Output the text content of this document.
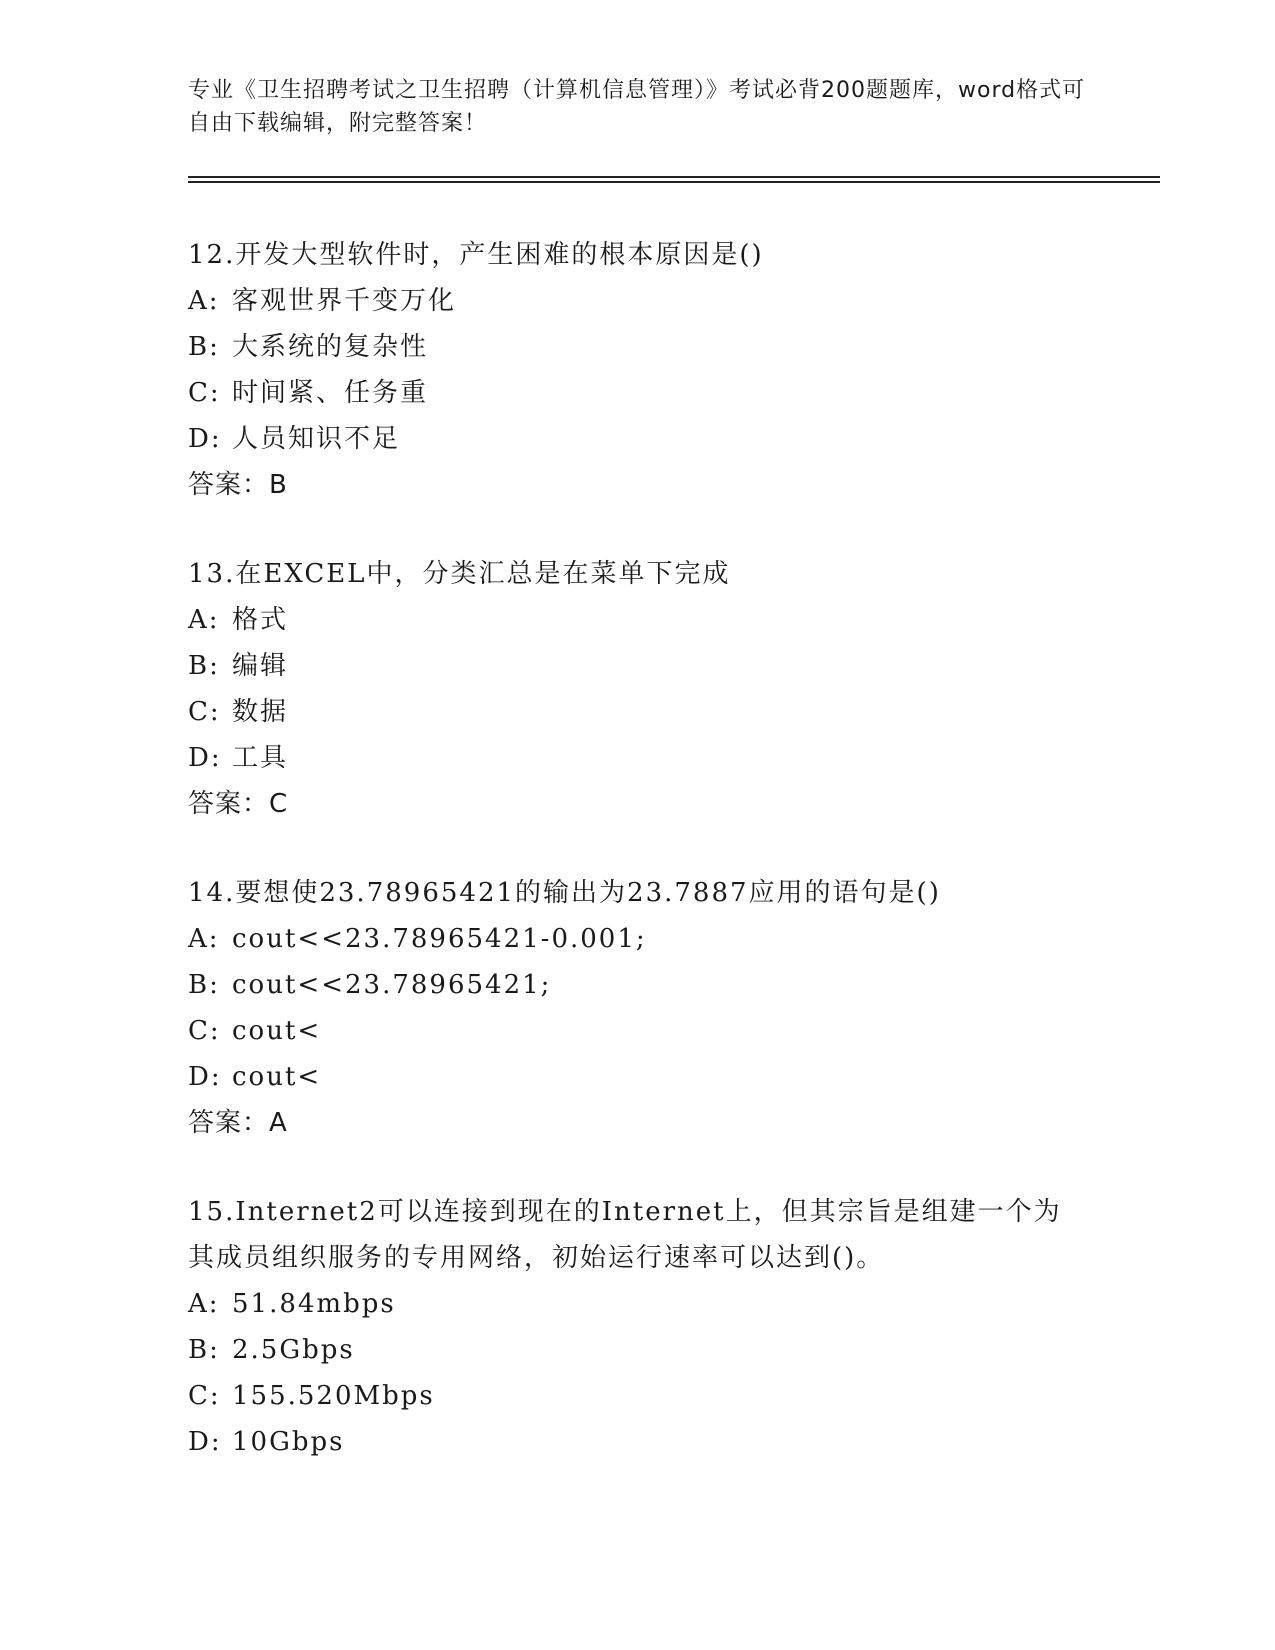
专业《卫生招聘考试之卫生招聘（计算机信息管理）》考试必背200题题库，word格式可自由下载编辑，附完整答案！

12.开发大型软件时，产生困难的根本原因是()

A: 客观世界千变万化

B: 大系统的复杂性

C: 时间紧、任务重

D: 人员知识不足

答案：B

13.在EXCEL中，分类汇总是在菜单下完成

A: 格式

B: 编辑

C: 数据

D: 工具

答案：C

14.要想使23.78965421的输出为23.7887应用的语句是()

A: cout<<23.78965421-0.001;

B: cout<<23.78965421;

C: cout<

D: cout<

答案：A

15.Internet2可以连接到现在的Internet上，但其宗旨是组建一个为其成员组织服务的专用网络，初始运行速率可以达到()。

A: 51.84mbps

B: 2.5Gbps

C: 155.520Mbps

D: 10Gbps
